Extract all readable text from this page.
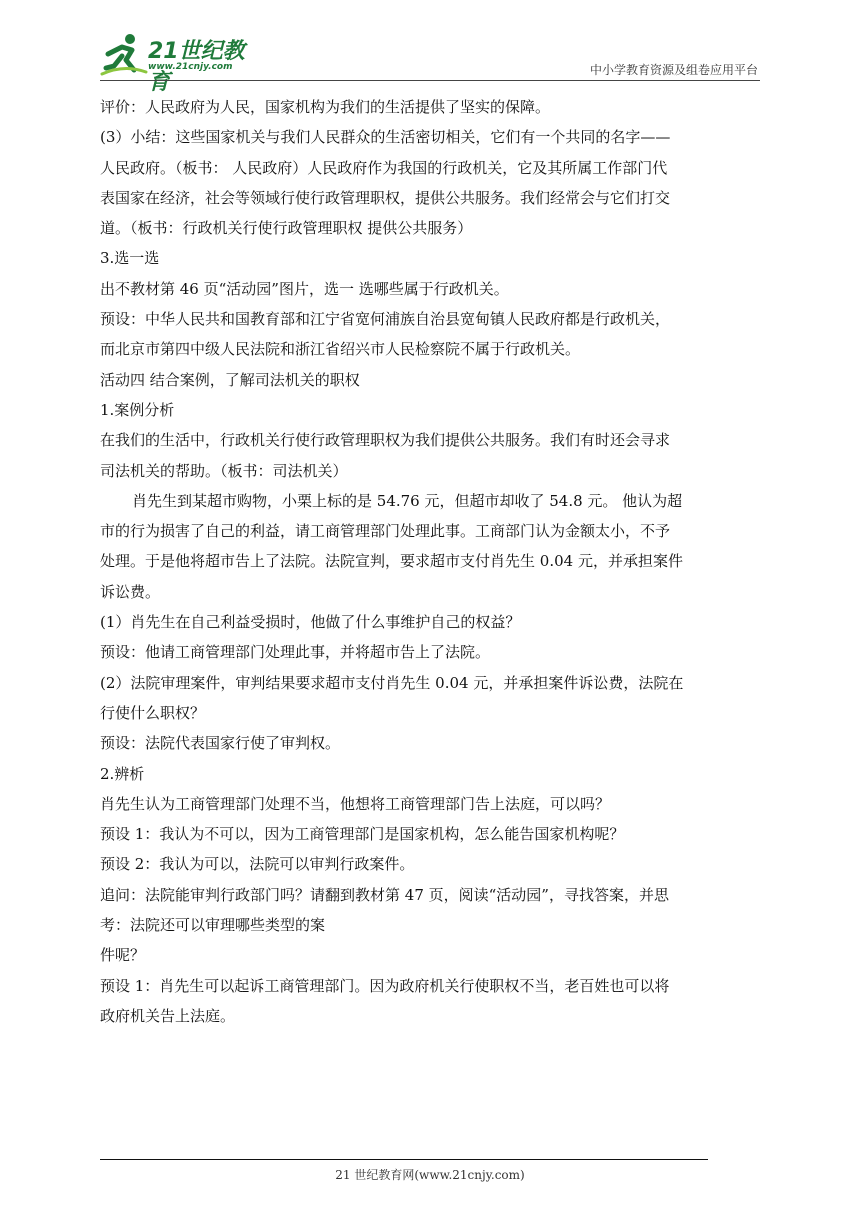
21世纪教育
www.21cnjy.com	中小学教育资源及组卷应用平台

评价：人民政府为人民，国家机构为我们的生活提供了坚实的保障。

(3）小结：这些国家机关与我们人民群众的生活密切相关，它们有一个共同的名字——

人民政府。（板书： 人民政府）人民政府作为我国的行政机关，它及其所属工作部门代

表国家在经济，社会等领域行使行政管理职权，提供公共服务。我们经常会与它们打交

道。（板书：行政机关行使行政管理职权 提供公共服务）

3.选一选

出不教材第 46 页“活动园”图片，选一 选哪些属于行政机关。

预设：中华人民共和国教育部和江宁省宽何浦族自治县宽甸镇人民政府都是行政机关，

而北京市第四中级人民法院和浙江省绍兴市人民检察院不属于行政机关。

活动四 结合案例，了解司法机关的职权

1.案例分析

在我们的生活中，行政机关行使行政管理职权为我们提供公共服务。我们有时还会寻求

司法机关的帮助。（板书：司法机关）

肖先生到某超市购物，小栗上标的是 54.76 元，但超市却收了 54.8 元。 他认为超

市的行为损害了自己的利益，请工商管理部门处理此事。工商部门认为金额太小，不予

处理。于是他将超市告上了法院。法院宣判，要求超市支付肖先生 0.04 元，并承担案件

诉讼费。

(1）肖先生在自己利益受损时，他做了什么事维护自己的权益？

预设：他请工商管理部门处理此事，并将超市告上了法院。

(2）法院审理案件，审判结果要求超市支付肖先生 0.04 元，并承担案件诉讼费，法院在

行使什么职权？

预设：法院代表国家行使了审判权。

2.辨析

肖先生认为工商管理部门处理不当，他想将工商管理部门告上法庭，可以吗？

预设 1：我认为不可以，因为工商管理部门是国家机构，怎么能告国家机构呢？

预设 2：我认为可以，法院可以审判行政案件。

追问：法院能审判行政部门吗？请翻到教材第 47 页，阅读“活动园”，寻找答案，并思

考：法院还可以审理哪些类型的案

件呢？

预设 1：肖先生可以起诉工商管理部门。因为政府机关行使职权不当，老百姓也可以将

政府机关告上法庭。

21 世纪教育网(www.21cnjy.com)
